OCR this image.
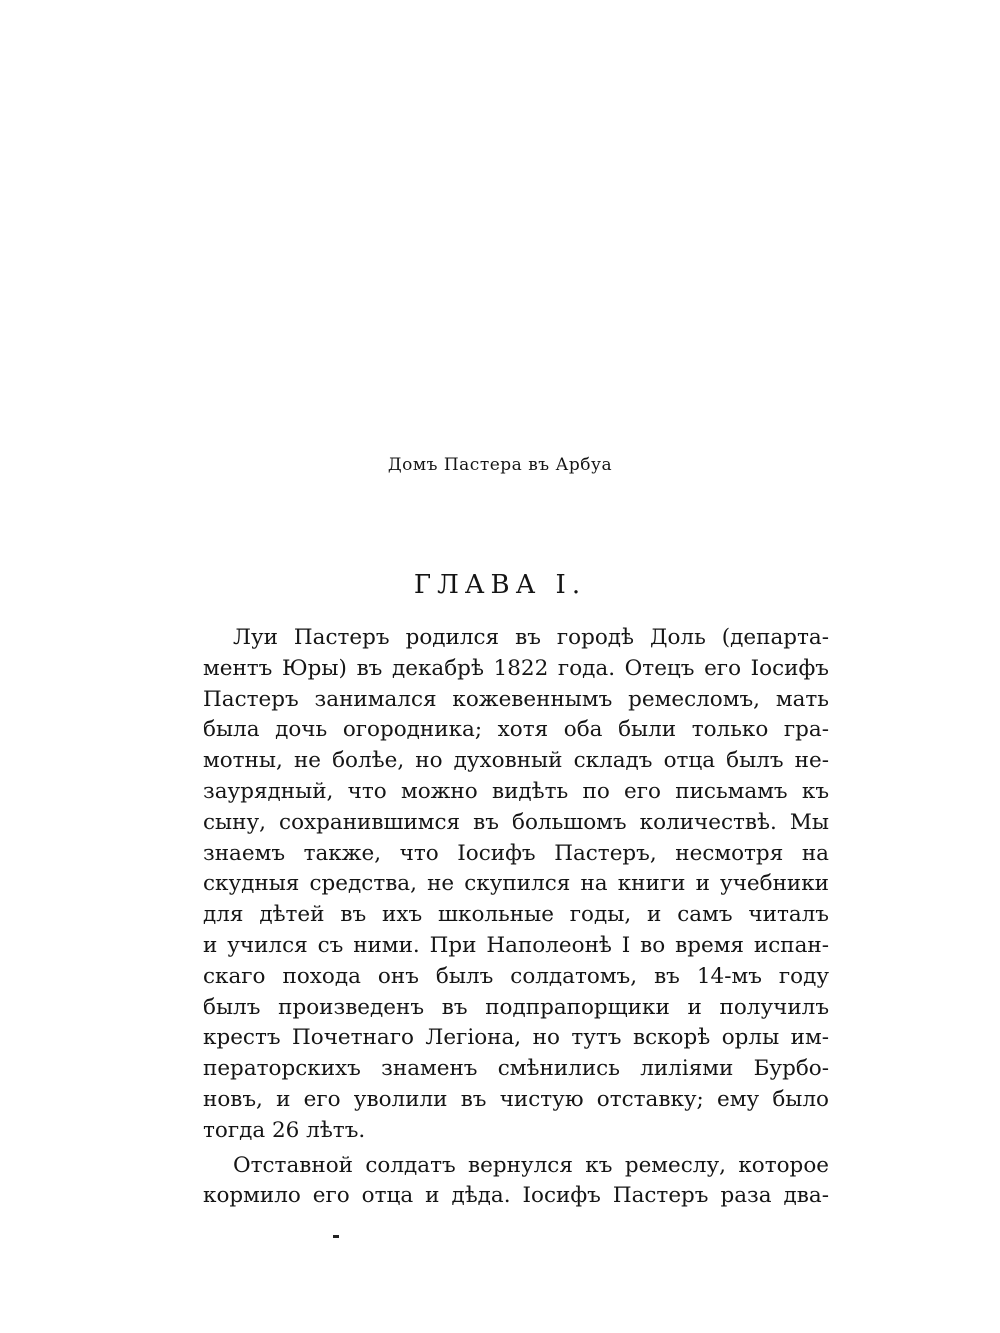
Домъ Пастера въ Арбуа
ГЛАВА I.
Луи Пастеръ родился въ городѣ Доль (департа-
ментъ Юры) въ декабрѣ 1822 года. Отецъ его Iосифъ
Пастеръ занимался кожевеннымъ ремесломъ, мать
была дочь огородника; хотя оба были только гра-
мотны, не болѣе, но духовный складъ отца былъ не-
заурядный, что можно видѣть по его письмамъ къ
сыну, сохранившимся въ большомъ количествѣ. Мы
знаемъ также, что Iосифъ Пастеръ, несмотря на
скудныя средства, не скупился на книги и учебники
для дѣтей въ ихъ школьные годы, и самъ читалъ
и учился съ ними. При Наполеонѣ I во время испан-
скаго похода онъ былъ солдатомъ, въ 14-мъ году
былъ произведенъ въ подпрапорщики и получилъ
крестъ Почетнаго Легiона, но тутъ вскорѣ орлы им-
ператорскихъ знаменъ смѣнились лилiями Бурбо-
новъ, и его уволили въ чистую отставку; ему было
тогда 26 лѣтъ.
Отставной солдатъ вернулся къ ремеслу, которое
кормило его отца и дѣда. Iосифъ Пастеръ раза два-
